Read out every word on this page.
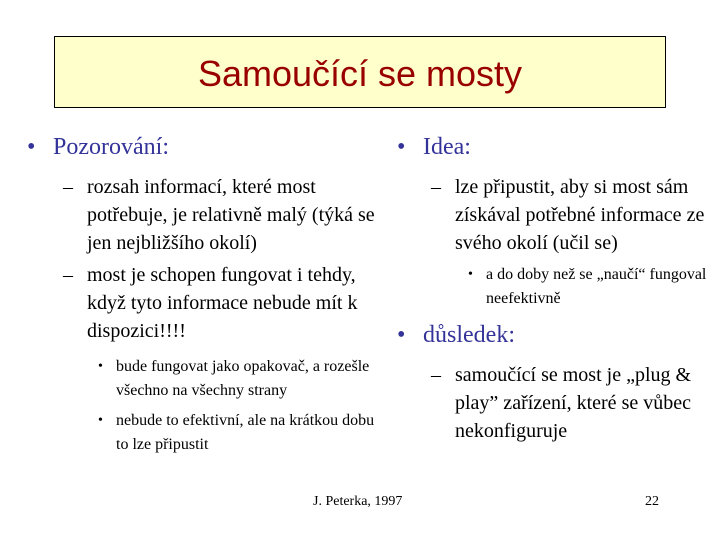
Samoučící se mosty
• Pozorování:
– rozsah informací, které most potřebuje, je relativně malý (týká se jen nejbližšího okolí)
– most je schopen fungovat i tehdy, když tyto informace nebude mít k dispozici!!!!
• bude fungovat jako opakovač, a rozešle všechno na všechny strany
• nebude to efektivní, ale na krátkou dobu to lze připustit
• Idea:
– lze připustit, aby si most sám získával potřebné informace ze svého okolí (učil se)
• a do doby než se „naučí“ fungoval neefektivně
• důsledek:
– samoučící se most je „plug & play” zařízení, které se vůbec nekonfiguruje
J. Peterka, 1997	22
